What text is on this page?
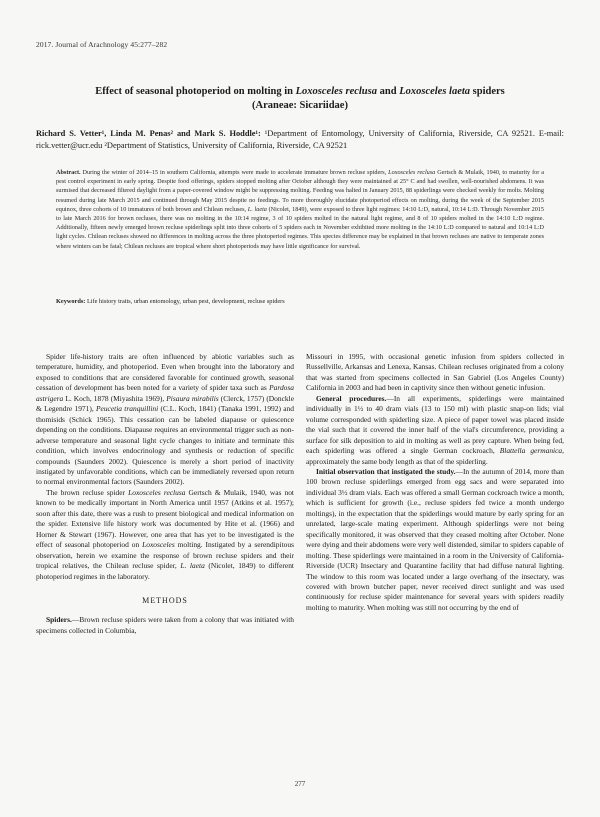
2017. Journal of Arachnology 45:277–282
Effect of seasonal photoperiod on molting in Loxosceles reclusa and Loxosceles laeta spiders
(Araneae: Sicariidae)
Richard S. Vetter¹, Linda M. Penas² and Mark S. Hoddle¹: ¹Department of Entomology, University of California, Riverside, CA 92521. E-mail: rick.vetter@ucr.edu ²Department of Statistics, University of California, Riverside, CA 92521
Abstract. During the winter of 2014–15 in southern California, attempts were made to accelerate immature brown recluse spiders, Loxosceles reclusa Gertsch & Mulaik, 1940, to maturity for a pest control experiment in early spring. Despite food offerings, spiders stopped molting after October although they were maintained at 25° C and had swollen, well-nourished abdomens. It was surmised that decreased filtered daylight from a paper-covered window might be suppressing molting. Feeding was halted in January 2015, 88 spiderlings were checked weekly for molts. Molting resumed during late March 2015 and continued through May 2015 despite no feedings. To more thoroughly elucidate photoperiod effects on molting, during the week of the September 2015 equinox, three cohorts of 10 immatures of both brown and Chilean recluses, L. laeta (Nicolet, 1849), were exposed to three light regimes: 14:10 L:D, natural, 10:14 L:D. Through November 2015 to late March 2016 for brown recluses, there was no molting in the 10:14 regime, 3 of 10 spiders molted in the natural light regime, and 8 of 10 spiders molted in the 14:10 L:D regime. Additionally, fifteen newly emerged brown recluse spiderlings split into three cohorts of 5 spiders each in November exhibited more molting in the 14:10 L:D compared to natural and 10:14 L:D light cycles. Chilean recluses showed no differences in molting across the three photoperiod regimes. This species difference may be explained in that brown recluses are native to temperate zones where winters can be fatal; Chilean recluses are tropical where short photoperiods may have little significance for survival.
Keywords: Life history traits, urban entomology, urban pest, development, recluse spiders

Spider life-history traits are often influenced by abiotic variables such as temperature, humidity, and photoperiod. Even when brought into the laboratory and exposed to conditions that are considered favorable for continued growth, seasonal cessation of development has been noted for a variety of spider taxa such as Pardosa astrigera L. Koch, 1878 (Miyashita 1969), Pisaura mirabilis (Clerck, 1757) (Donckle & Legendre 1971), Peucetia tranquillini (C.L. Koch, 1841) (Tanaka 1991, 1992) and thomisids (Schick 1965). This cessation can be labeled diapause or quiescence depending on the conditions. Diapause requires an environmental trigger such as non-adverse temperature and seasonal light cycle changes to initiate and terminate this condition, which involves endocrinology and synthesis or reduction of specific compounds (Saunders 2002). Quiescence is merely a short period of inactivity instigated by unfavorable conditions, which can be immediately reversed upon return to normal environmental factors (Saunders 2002).

The brown recluse spider Loxosceles reclusa Gertsch & Mulaik, 1940, was not known to be medically important in North America until 1957 (Atkins et al. 1957); soon after this date, there was a rush to present biological and medical information on the spider. Extensive life history work was documented by Hite et al. (1966) and Horner & Stewart (1967). However, one area that has yet to be investigated is the effect of seasonal photoperiod on Loxosceles molting. Instigated by a serendipitous observation, herein we examine the response of brown recluse spiders and their tropical relatives, the Chilean recluse spider, L. laeta (Nicolet, 1849) to different photoperiod regimes in the laboratory.

METHODS

Spiders.—Brown recluse spiders were taken from a colony that was initiated with specimens collected in Columbia,

Missouri in 1995, with occasional genetic infusion from spiders collected in Russellville, Arkansas and Lenexa, Kansas. Chilean recluses originated from a colony that was started from specimens collected in San Gabriel (Los Angeles County) California in 2003 and had been in captivity since then without genetic infusion.

General procedures.—In all experiments, spiderlings were maintained individually in 1½ to 40 dram vials (13 to 150 ml) with plastic snap-on lids; vial volume corresponded with spiderling size. A piece of paper towel was placed inside the vial such that it covered the inner half of the vial's circumference, providing a surface for silk deposition to aid in molting as well as prey capture. When being fed, each spiderling was offered a single German cockroach, Blattella germanica, approximately the same body length as that of the spiderling.

Initial observation that instigated the study.—In the autumn of 2014, more than 100 brown recluse spiderlings emerged from egg sacs and were separated into individual 3½ dram vials. Each was offered a small German cockroach twice a month, which is sufficient for growth (i.e., recluse spiders fed twice a month undergo moltings), in the expectation that the spiderlings would mature by early spring for an unrelated, large-scale mating experiment. Although spiderlings were not being specifically monitored, it was observed that they ceased molting after October. None were dying and their abdomens were very well distended, similar to spiders capable of molting. These spiderlings were maintained in a room in the University of California-Riverside (UCR) Insectary and Quarantine facility that had diffuse natural lighting. The window to this room was located under a large overhang of the insectary, was covered with brown butcher paper, never received direct sunlight and was used continuously for recluse spider maintenance for several years with spiders readily molting to maturity. When molting was still not occurring by the end of

277
